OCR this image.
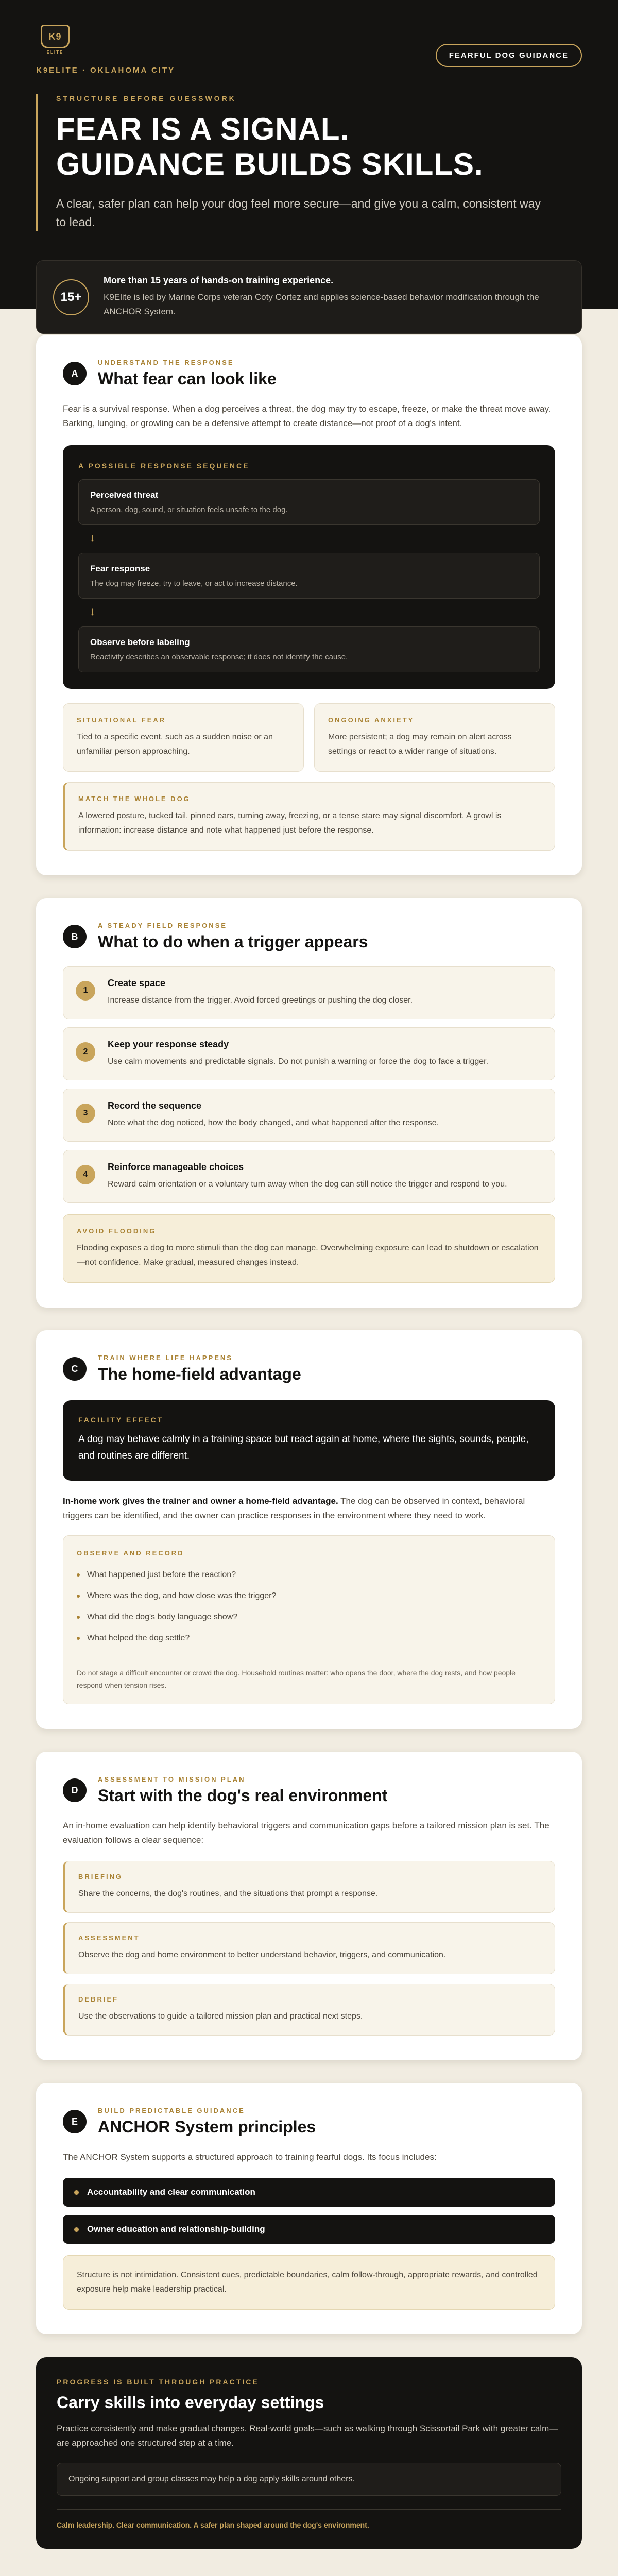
K9
ELITE
K9ELITE · OKLAHOMA CITY
FEARFUL DOG GUIDANCE
STRUCTURE BEFORE GUESSWORK
FEAR IS A SIGNAL.
GUIDANCE BUILDS SKILLS.

A clear, safer plan can help your dog feel more secure—and give you a calm, consistent way to lead.

15+
More than 15 years of hands-on training experience.
K9Elite is led by Marine Corps veteran Coty Cortez and applies science-based behavior modification through the ANCHOR System.
A
UNDERSTAND THE RESPONSE
What fear can look like

Fear is a survival response. When a dog perceives a threat, the dog may try to escape, freeze, or make the threat move away. Barking, lunging, or growling can be a defensive attempt to create distance—not proof of a dog's intent.

A POSSIBLE RESPONSE SEQUENCE
Perceived threat
A person, dog, sound, or situation feels unsafe to the dog.
↓
Fear response
The dog may freeze, try to leave, or act to increase distance.
↓
Observe before labeling
Reactivity describes an observable response; it does not identify the cause.
SITUATIONAL FEAR
Tied to a specific event, such as a sudden noise or an unfamiliar person approaching.
ONGOING ANXIETY
More persistent; a dog may remain on alert across settings or react to a wider range of situations.
MATCH THE WHOLE DOG
A lowered posture, tucked tail, pinned ears, turning away, freezing, or a tense stare may signal discomfort. A growl is information: increase distance and note what happened just before the response.
B
A STEADY FIELD RESPONSE
What to do when a trigger appears
1
Create space
Increase distance from the trigger. Avoid forced greetings or pushing the dog closer.
2
Keep your response steady
Use calm movements and predictable signals. Do not punish a warning or force the dog to face a trigger.
3
Record the sequence
Note what the dog noticed, how the body changed, and what happened after the response.
4
Reinforce manageable choices
Reward calm orientation or a voluntary turn away when the dog can still notice the trigger and respond to you.
AVOID FLOODING
Flooding exposes a dog to more stimuli than the dog can manage. Overwhelming exposure can lead to shutdown or escalation—not confidence. Make gradual, measured changes instead.
C
TRAIN WHERE LIFE HAPPENS
The home-field advantage
FACILITY EFFECT
A dog may behave calmly in a training space but react again at home, where the sights, sounds, people, and routines are different.

In-home work gives the trainer and owner a home-field advantage. The dog can be observed in context, behavioral triggers can be identified, and the owner can practice responses in the environment where they need to work.

OBSERVE AND RECORD
What happened just before the reaction?
Where was the dog, and how close was the trigger?
What did the dog's body language show?
What helped the dog settle?
Do not stage a difficult encounter or crowd the dog. Household routines matter: who opens the door, where the dog rests, and how people respond when tension rises.
D
ASSESSMENT TO MISSION PLAN
Start with the dog's real environment

An in-home evaluation can help identify behavioral triggers and communication gaps before a tailored mission plan is set. The evaluation follows a clear sequence:

BRIEFING
Share the concerns, the dog's routines, and the situations that prompt a response.
ASSESSMENT
Observe the dog and home environment to better understand behavior, triggers, and communication.
DEBRIEF
Use the observations to guide a tailored mission plan and practical next steps.
E
BUILD PREDICTABLE GUIDANCE
ANCHOR System principles

The ANCHOR System supports a structured approach to training fearful dogs. Its focus includes:

Accountability and clear communication
Owner education and relationship-building
Structure is not intimidation. Consistent cues, predictable boundaries, calm follow-through, appropriate rewards, and controlled exposure help make leadership practical.
PROGRESS IS BUILT THROUGH PRACTICE
Carry skills into everyday settings

Practice consistently and make gradual changes. Real-world goals—such as walking through Scissortail Park with greater calm—are approached one structured step at a time.

Ongoing support and group classes may help a dog apply skills around others.
Calm leadership. Clear communication. A safer plan shaped around the dog's environment.
